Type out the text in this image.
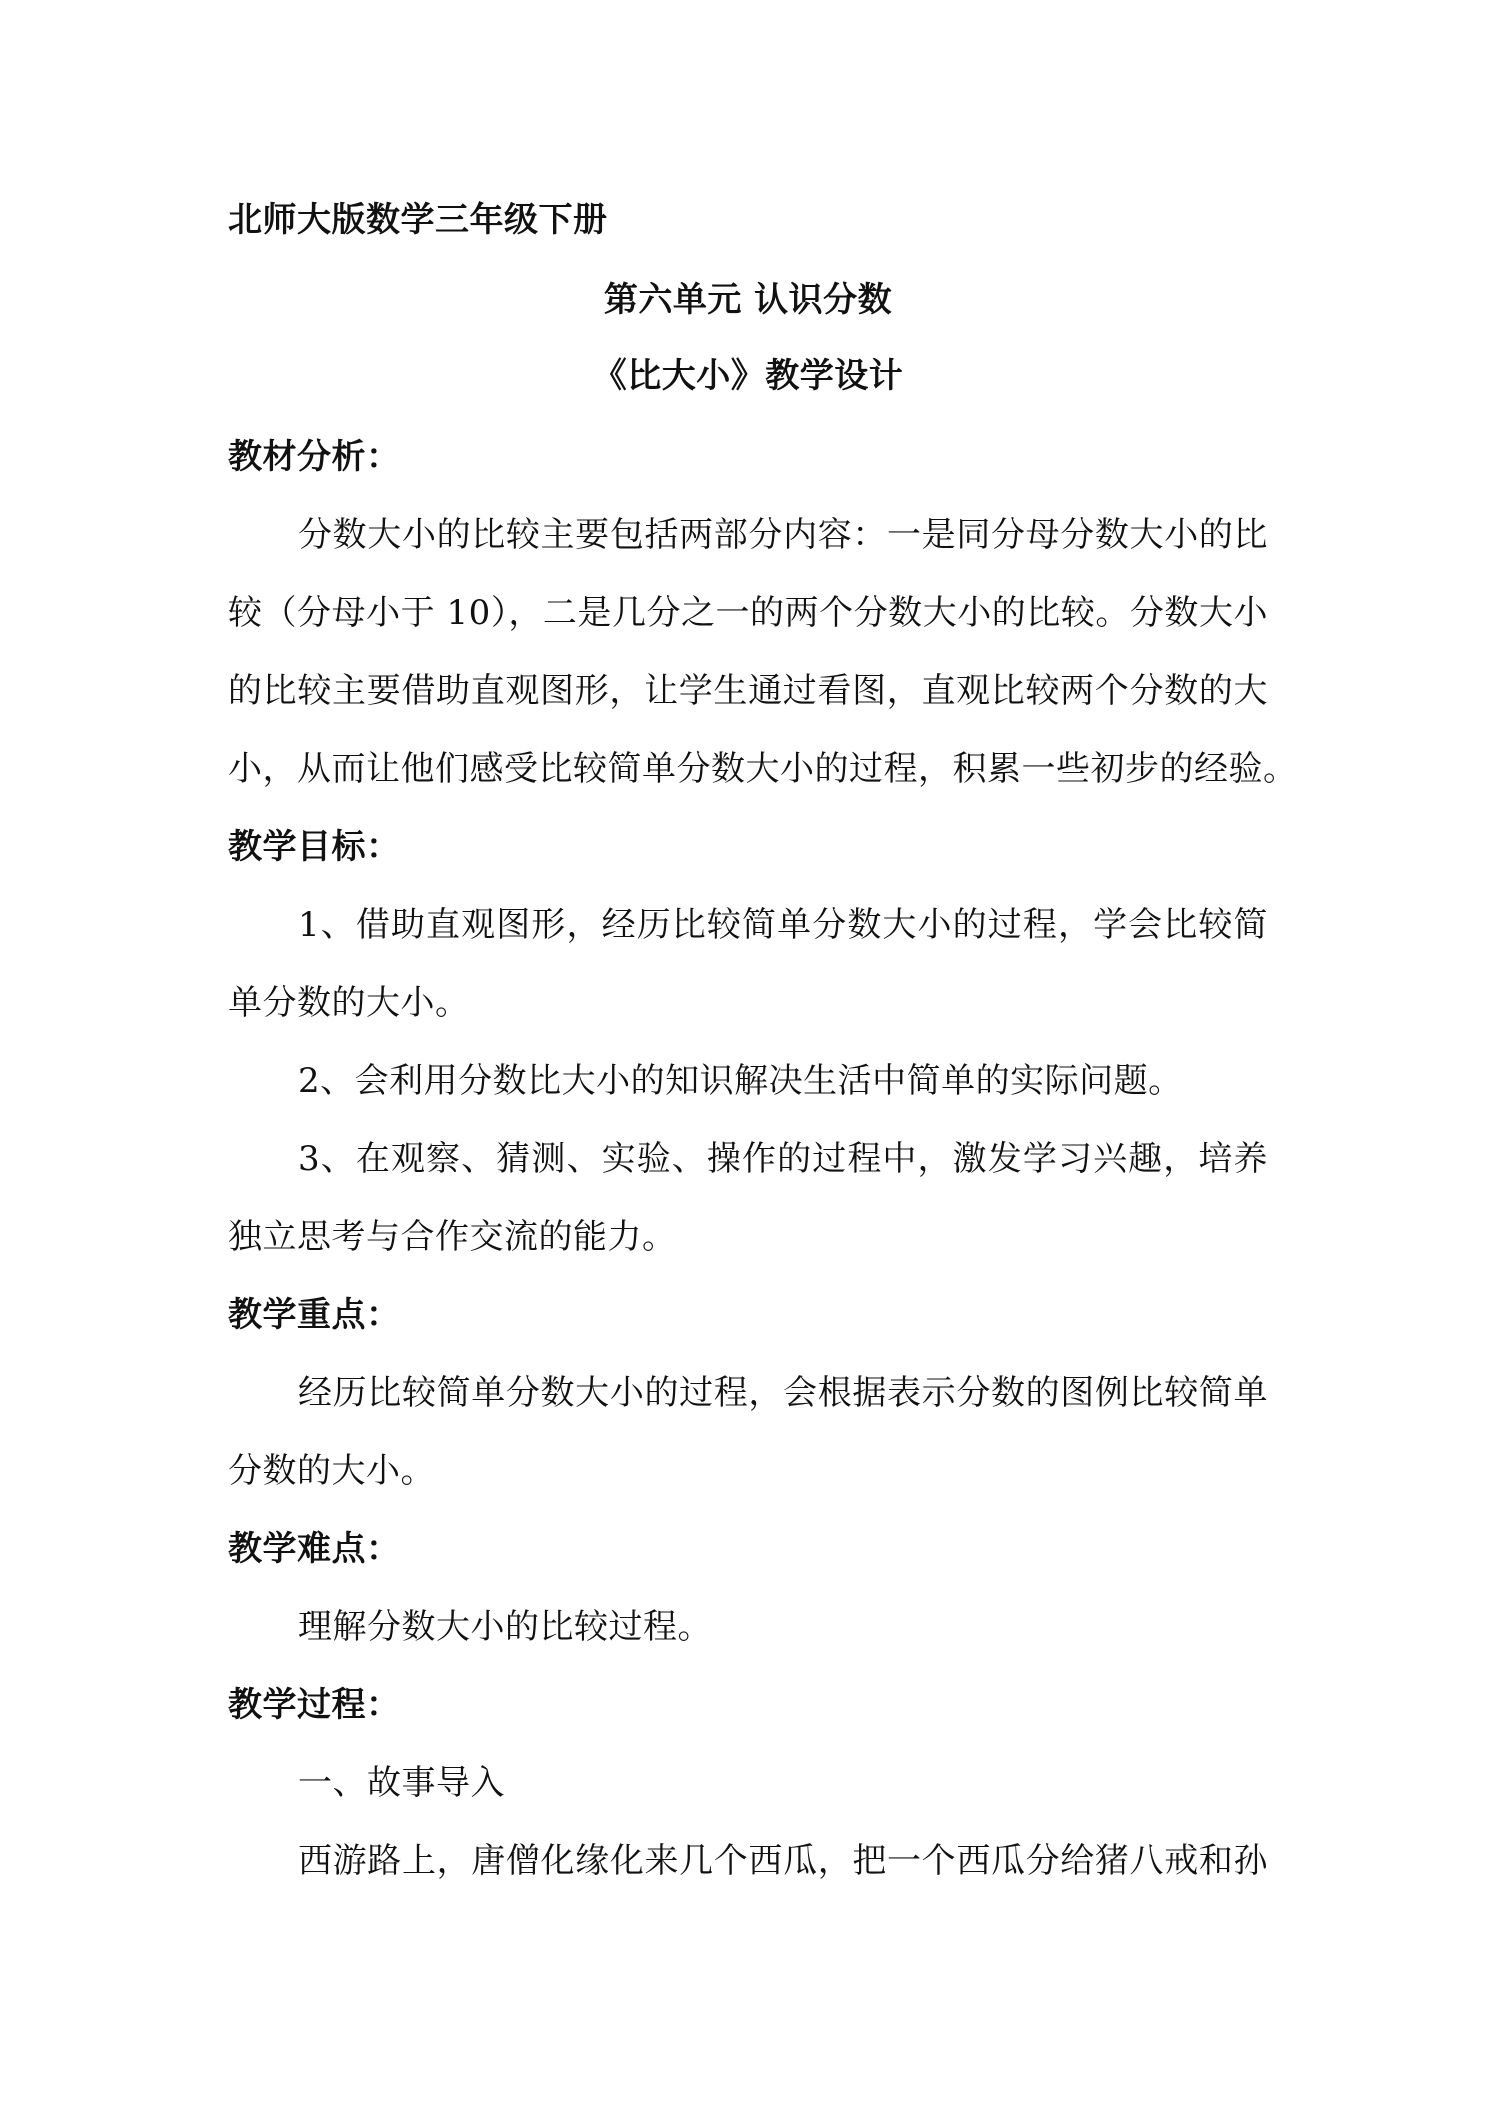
北师大版数学三年级下册
第六单元 认识分数
《比大小》教学设计
教材分析：
分数大小的比较主要包括两部分内容：一是同分母分数大小的比
较（分母小于 10），二是几分之一的两个分数大小的比较。分数大小
的比较主要借助直观图形，让学生通过看图，直观比较两个分数的大
小，从而让他们感受比较简单分数大小的过程，积累一些初步的经验。
教学目标：
1、借助直观图形，经历比较简单分数大小的过程，学会比较简
单分数的大小。
2、会利用分数比大小的知识解决生活中简单的实际问题。
3、在观察、猜测、实验、操作的过程中，激发学习兴趣，培养
独立思考与合作交流的能力。
教学重点：
经历比较简单分数大小的过程，会根据表示分数的图例比较简单
分数的大小。
教学难点：
理解分数大小的比较过程。
教学过程：
一、故事导入
西游路上，唐僧化缘化来几个西瓜，把一个西瓜分给猪八戒和孙
